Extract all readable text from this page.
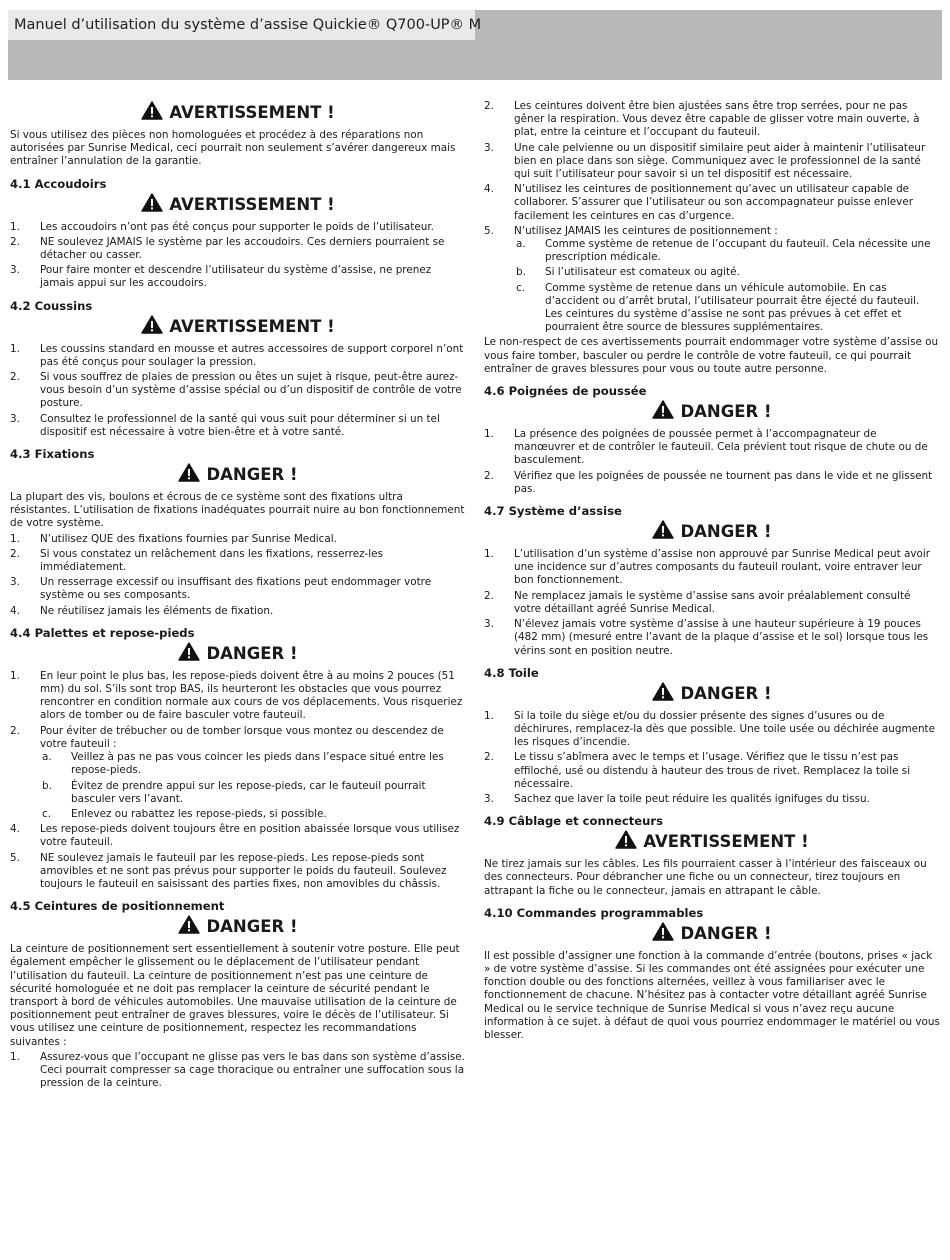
Manuel d’utilisation du système d’assise Quickie® Q700-UP® M
AVERTISSEMENT !

Si vous utilisez des pièces non homologuées et procédez à des réparations non autorisées par Sunrise Medical, ceci pourrait non seulement s’avérer dangereux mais entraîner l’annulation de la garantie.

4.1 Accoudoirs
AVERTISSEMENT !
1. Les accoudoirs n’ont pas été conçus pour supporter le poids de l’utilisateur.
2. NE soulevez JAMAIS le système par les accoudoirs. Ces derniers pourraient se détacher ou casser.
3. Pour faire monter et descendre l’utilisateur du système d’assise, ne prenez jamais appui sur les accoudoirs.
4.2 Coussins
AVERTISSEMENT !
1. Les coussins standard en mousse et autres accessoires de support corporel n’ont pas été conçus pour soulager la pression.
2. Si vous souffrez de plaies de pression ou êtes un sujet à risque, peut-être aurez-vous besoin d’un système d’assise spécial ou d’un dispositif de contrôle de votre posture.
3. Consultez le professionnel de la santé qui vous suit pour déterminer si un tel dispositif est nécessaire à votre bien-être et à votre santé.
4.3 Fixations
DANGER !

La plupart des vis, boulons et écrous de ce système sont des fixations ultra résistantes. L’utilisation de fixations inadéquates pourrait nuire au bon fonctionnement de votre système.

1. N’utilisez QUE des fixations fournies par Sunrise Medical.
2. Si vous constatez un relâchement dans les fixations, resserrez-les immédiatement.
3. Un resserrage excessif ou insuffisant des fixations peut endommager votre système ou ses composants.
4. Ne réutilisez jamais les éléments de fixation.
4.4 Palettes et repose-pieds
DANGER !
1. En leur point le plus bas, les repose-pieds doivent être à au moins 2 pouces (51 mm) du sol. S’ils sont trop BAS, ils heurteront les obstacles que vous pourrez rencontrer en condition normale aux cours de vos déplacements. Vous risqueriez alors de tomber ou de faire basculer votre fauteuil.
2. Pour éviter de trébucher ou de tomber lorsque vous montez ou descendez de votre fauteuil :
a. Veillez à pas ne pas vous coincer les pieds dans l’espace situé entre les repose-pieds.
b. Évitez de prendre appui sur les repose-pieds, car le fauteuil pourrait basculer vers l’avant.
c. Enlevez ou rabattez les repose-pieds, si possible.
4. Les repose-pieds doivent toujours être en position abaissée lorsque vous utilisez votre fauteuil.
5. NE soulevez jamais le fauteuil par les repose-pieds. Les repose-pieds sont amovibles et ne sont pas prévus pour supporter le poids du fauteuil. Soulevez toujours le fauteuil en saisissant des parties fixes, non amovibles du châssis.
4.5 Ceintures de positionnement
DANGER !

La ceinture de positionnement sert essentiellement à soutenir votre posture. Elle peut également empêcher le glissement ou le déplacement de l’utilisateur pendant l’utilisation du fauteuil. La ceinture de positionnement n’est pas une ceinture de sécurité homologuée et ne doit pas remplacer la ceinture de sécurité pendant le transport à bord de véhicules automobiles. Une mauvaise utilisation de la ceinture de positionnement peut entraîner de graves blessures, voire le décès de l’utilisateur. Si vous utilisez une ceinture de positionnement, respectez les recommandations suivantes :

1. Assurez-vous que l’occupant ne glisse pas vers le bas dans son système d’assise. Ceci pourrait compresser sa cage thoracique ou entraîner une suffocation sous la pression de la ceinture.
2. Les ceintures doivent être bien ajustées sans être trop serrées, pour ne pas gêner la respiration. Vous devez être capable de glisser votre main ouverte, à plat, entre la ceinture et l’occupant du fauteuil.
3. Une cale pelvienne ou un dispositif similaire peut aider à maintenir l’utilisateur bien en place dans son siège. Communiquez avec le professionnel de la santé qui suit l’utilisateur pour savoir si un tel dispositif est nécessaire.
4. N’utilisez les ceintures de positionnement qu’avec un utilisateur capable de collaborer. S’assurer que l’utilisateur ou son accompagnateur puisse enlever facilement les ceintures en cas d’urgence.
5. N’utilisez JAMAIS les ceintures de positionnement :
a. Comme système de retenue de l’occupant du fauteuil. Cela nécessite une prescription médicale.
b. Si l’utilisateur est comateux ou agité.
c. Comme système de retenue dans un véhicule automobile. En cas d’accident ou d’arrêt brutal, l’utilisateur pourrait être éjecté du fauteuil. Les ceintures du système d’assise ne sont pas prévues à cet effet et pourraient être source de blessures supplémentaires.

Le non-respect de ces avertissements pourrait endommager votre système d’assise ou vous faire tomber, basculer ou perdre le contrôle de votre fauteuil, ce qui pourrait entraîner de graves blessures pour vous ou toute autre personne.

4.6 Poignées de poussée
DANGER !
1. La présence des poignées de poussée permet à l’accompagnateur de manœuvrer et de contrôler le fauteuil. Cela prévient tout risque de chute ou de basculement.
2. Vérifiez que les poignées de poussée ne tournent pas dans le vide et ne glissent pas.
4.7 Système d’assise
DANGER !
1. L’utilisation d’un système d’assise non approuvé par Sunrise Medical peut avoir une incidence sur d’autres composants du fauteuil roulant, voire entraver leur bon fonctionnement.
2. Ne remplacez jamais le système d’assise sans avoir préalablement consulté votre détaillant agréé Sunrise Medical.
3. N’élevez jamais votre système d’assise à une hauteur supérieure à 19 pouces (482 mm) (mesuré entre l’avant de la plaque d’assise et le sol) lorsque tous les vérins sont en position neutre.
4.8 Toile
DANGER !
1. Si la toile du siège et/ou du dossier présente des signes d’usures ou de déchirures, remplacez-la dès que possible. Une toile usée ou déchirée augmente les risques d’incendie.
2. Le tissu s’abîmera avec le temps et l’usage. Vérifiez que le tissu n’est pas effiloché, usé ou distendu à hauteur des trous de rivet. Remplacez la toile si nécessaire.
3. Sachez que laver la toile peut réduire les qualités ignifuges du tissu.
4.9 Câblage et connecteurs
AVERTISSEMENT !

Ne tirez jamais sur les câbles. Les fils pourraient casser à l’intérieur des faisceaux ou des connecteurs. Pour débrancher une fiche ou un connecteur, tirez toujours en attrapant la fiche ou le connecteur, jamais en attrapant le câble.

4.10 Commandes programmables
DANGER !

Il est possible d’assigner une fonction à la commande d’entrée (boutons, prises « jack » de votre système d’assise. Si les commandes ont été assignées pour exécuter une fonction double ou des fonctions alternées, veillez à vous familiariser avec le fonctionnement de chacune. N’hésitez pas à contacter votre détaillant agréé Sunrise Medical ou le service technique de Sunrise Medical si vous n’avez reçu aucune information à ce sujet. à défaut de quoi vous pourriez endommager le matériel ou vous blesser.
